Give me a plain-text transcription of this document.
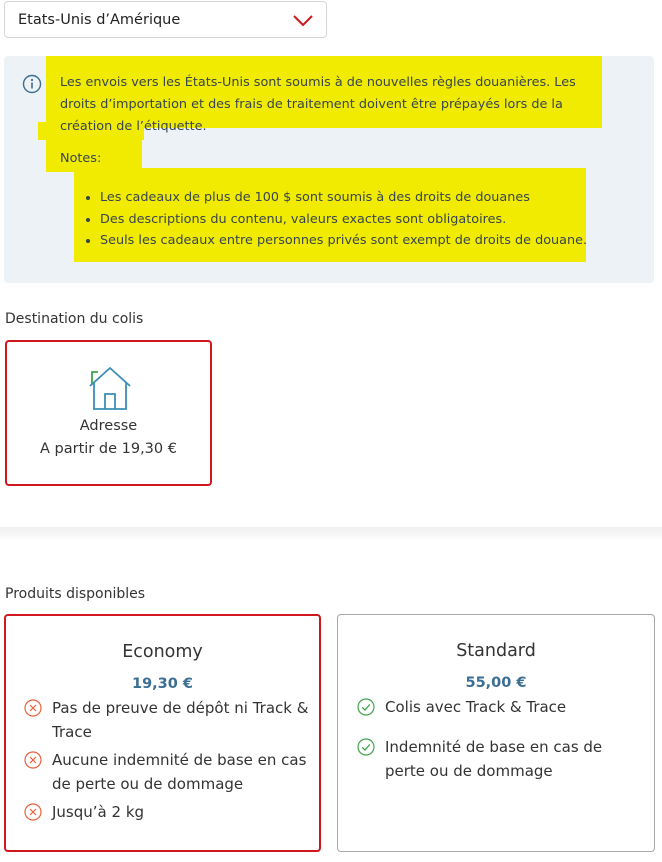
Etats-Unis d’Amérique
Les envois vers les États-Unis sont soumis à de nouvelles règles douanières. Les droits d’importation et des frais de traitement doivent être prépayés lors de la création de l’étiquette.
Notes:
• Les cadeaux de plus de 100 $ sont soumis à des droits de douanes
• Des descriptions du contenu, valeurs exactes sont obligatoires.
• Seuls les cadeaux entre personnes privés sont exempt de droits de douane.
Destination du colis
Adresse
A partir de 19,30 €
Produits disponibles
Economy
19,30 €
Pas de preuve de dépôt ni Track & Trace
Aucune indemnité de base en cas de perte ou de dommage
Jusqu’à 2 kg
Standard
55,00 €
Colis avec Track & Trace
Indemnité de base en cas de perte ou de dommage
